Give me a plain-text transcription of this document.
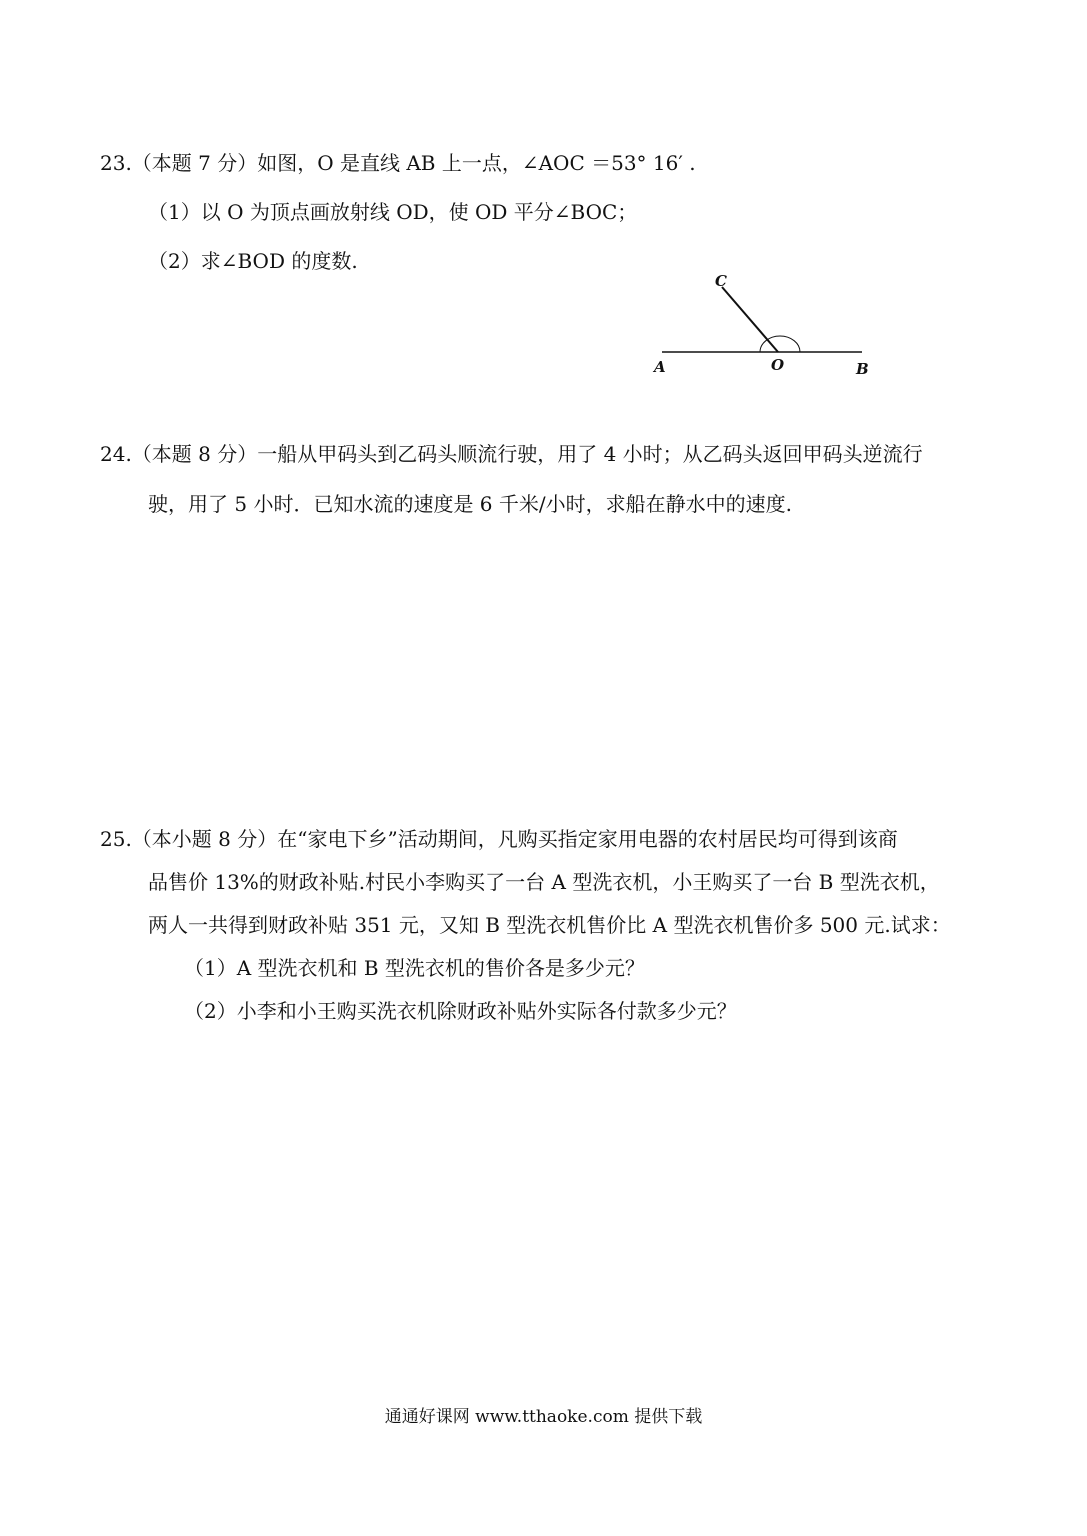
23.（本题 7 分）如图，O 是直线 AB 上一点，∠AOC ＝53° 16′ .
（1）以 O 为顶点画放射线 OD，使 OD 平分∠BOC；
（2）求∠BOD 的度数.
C
A	O	B
24.（本题 8 分）一船从甲码头到乙码头顺流行驶，用了 4 小时；从乙码头返回甲码头逆流行
驶，用了 5 小时．已知水流的速度是 6 千米/小时，求船在静水中的速度.
25.（本小题 8 分）在“家电下乡”活动期间，凡购买指定家用电器的农村居民均可得到该商
品售价 13%的财政补贴.村民小李购买了一台 A 型洗衣机，小王购买了一台 B 型洗衣机，
两人一共得到财政补贴 351 元，又知 B 型洗衣机售价比 A 型洗衣机售价多 500 元.试求：
（1）A 型洗衣机和 B 型洗衣机的售价各是多少元？
（2）小李和小王购买洗衣机除财政补贴外实际各付款多少元？
通通好课网 www.tthaoke.com 提供下载
